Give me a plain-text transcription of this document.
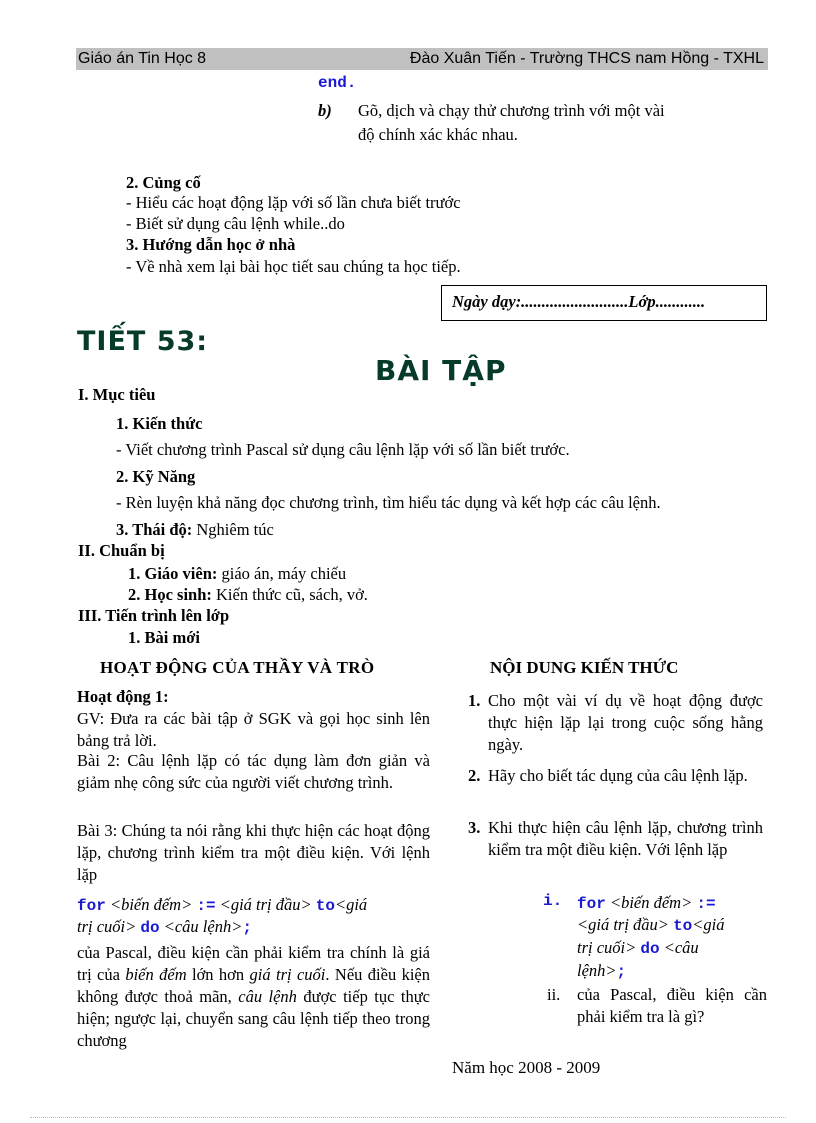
Giáo án Tin Học 8	Đào Xuân Tiến - Trường THCS nam Hồng - TXHL
end.
b) Gõ, dịch và chạy thử chương trình với một vài
độ chính xác khác nhau.
2. Củng cố
- Hiểu các hoạt động lặp với số lần chưa biết trước
- Biết sử dụng câu lệnh while..do
3. Hướng dẫn học ở nhà
- Về nhà xem lại bài học tiết sau chúng ta học tiếp.
Ngày dạy:..........................Lớp............
TIẾT 53:
BÀI TẬP
I. Mục tiêu
1. Kiến thức
- Viết chương trình Pascal sử dụng câu lệnh lặp với số lần biết trước.
2. Kỹ Năng
- Rèn luyện khả năng đọc chương trình, tìm hiểu tác dụng và kết hợp các câu lệnh.
3. Thái độ: Nghiêm túc
II. Chuẩn bị
1. Giáo viên: giáo án, máy chiếu
2. Học sinh: Kiến thức cũ, sách, vở.
III. Tiến trình lên lớp
1. Bài mới
HOẠT ĐỘNG CỦA THẦY VÀ TRÒ
Hoạt động 1:
GV: Đưa ra các bài tập ở SGK và gọi học sinh lên bảng trả lời.
Bài 2: Câu lệnh lặp có tác dụng làm đơn giản và giảm nhẹ công sức của người viết chương trình.
Bài 3: Chúng ta nói rằng khi thực hiện các hoạt động lặp, chương trình kiểm tra một điều kiện. Với lệnh lặp
for <biến đếm> := <giá trị đầu> to<giá
trị cuối> do <câu lệnh>;
của Pascal, điều kiện cần phải kiểm tra chính là giá trị của biến đếm lớn hơn giá trị cuối. Nếu điều kiện không được thoả mãn, câu lệnh được tiếp tục thực hiện; ngược lại, chuyển sang câu lệnh tiếp theo trong chương
NỘI DUNG KIẾN THỨC
1. Cho một vài ví dụ về hoạt động được thực hiện lặp lại trong cuộc sống hằng ngày.
2. Hãy cho biết tác dụng của câu lệnh lặp.
3. Khi thực hiện câu lệnh lặp, chương trình kiểm tra một điều kiện. Với lệnh lặp
i. for <biến đếm> :=
<giá trị đầu> to<giá
trị cuối> do <câu
lệnh>;
ii. của Pascal, điều kiện cần phải kiểm tra là gì?
Năm học 2008 - 2009
